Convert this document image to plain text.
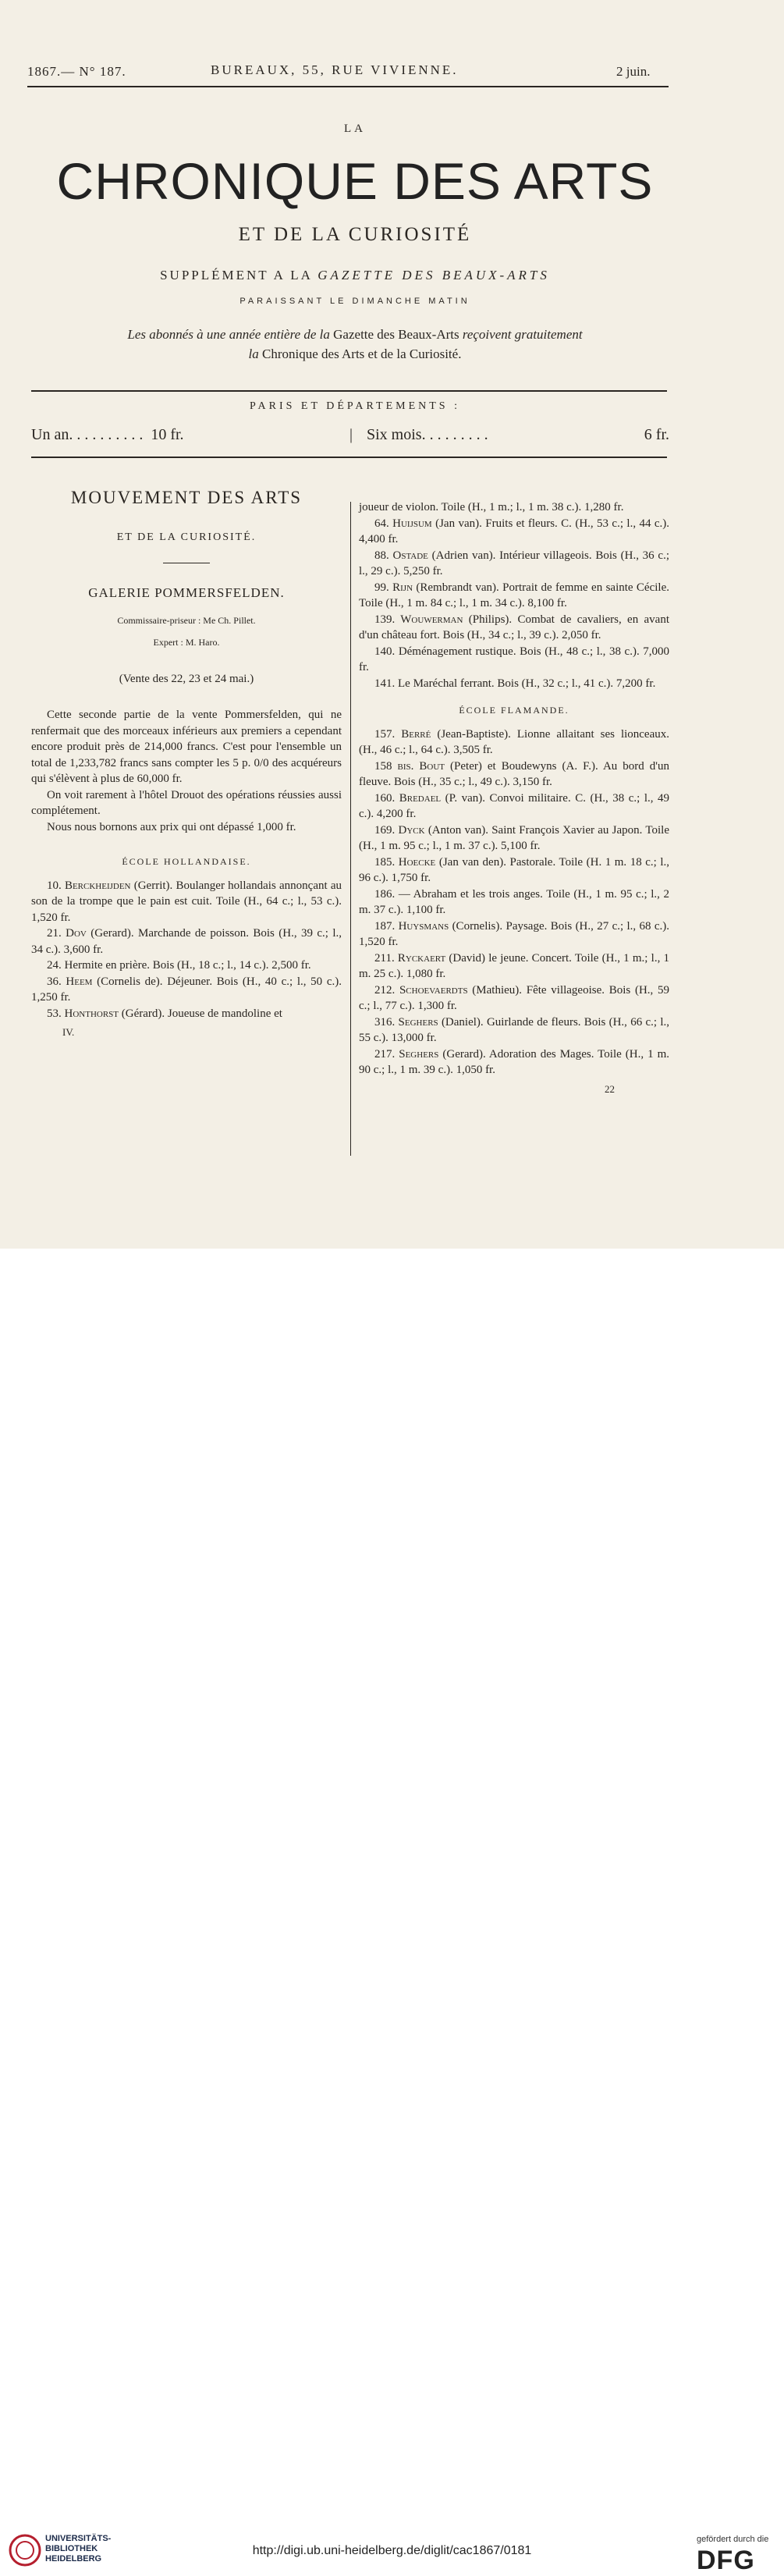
1867.— N° 187.	BUREAUX, 55, RUE VIVIENNE.	2 juin.
LA
CHRONIQUE DES ARTS
ET DE LA CURIOSITÉ
SUPPLÉMENT A LA GAZETTE DES BEAUX-ARTS
PARAISSANT LE DIMANCHE MATIN
Les abonnés à une année entière de la Gazette des Beaux-Arts reçoivent gratuitement
la Chronique des Arts et de la Curiosité.
PARIS ET DÉPARTEMENTS :
Un an. . . . . . . . . . 10 fr.	| Six mois. . . . . . . . .	6 fr.

MOUVEMENT DES ARTS

ET DE LA CURIOSITÉ.

GALERIE POMMERSFELDEN.

Commissaire-priseur : Me Ch. Pillet.

Expert : M. Haro.

(Vente des 22, 23 et 24 mai.)

Cette seconde partie de la vente Pommersfelden, qui ne renfermait que des morceaux inférieurs aux premiers a cependant encore produit près de 214,000 francs. C'est pour l'ensemble un total de 1,233,782 francs sans compter les 5 p. 0/0 des acquéreurs qui s'élèvent à plus de 60,000 fr.

On voit rarement à l'hôtel Drouot des opérations réussies aussi complétement.

Nous nous bornons aux prix qui ont dépassé 1,000 fr.

ÉCOLE HOLLANDAISE.

10. Berckheijden (Gerrit). Boulanger hollandais annonçant au son de la trompe que le pain est cuit. Toile (H., 64 c.; l., 53 c.). 1,520 fr.

21. Dov (Gerard). Marchande de poisson. Bois (H., 39 c.; l., 34 c.). 3,600 fr.

24. Hermite en prière. Bois (H., 18 c.; l., 14 c.). 2,500 fr.

36. Heem (Cornelis de). Déjeuner. Bois (H., 40 c.; l., 50 c.). 1,250 fr.

53. Honthorst (Gérard). Joueuse de mandoline et

IV.

joueur de violon. Toile (H., 1 m.; l., 1 m. 38 c.). 1,280 fr.

64. Huijsum (Jan van). Fruits et fleurs. C. (H., 53 c.; l., 44 c.). 4,400 fr.

88. Ostade (Adrien van). Intérieur villageois. Bois (H., 36 c.; l., 29 c.). 5,250 fr.

99. Rijn (Rembrandt van). Portrait de femme en sainte Cécile. Toile (H., 1 m. 84 c.; l., 1 m. 34 c.). 8,100 fr.

139. Wouwerman (Philips). Combat de cavaliers, en avant d'un château fort. Bois (H., 34 c.; l., 39 c.). 2,050 fr.

140. Déménagement rustique. Bois (H., 48 c.; l., 38 c.). 7,000 fr.

141. Le Maréchal ferrant. Bois (H., 32 c.; l., 41 c.). 7,200 fr.

ÉCOLE FLAMANDE.

157. Berré (Jean-Baptiste). Lionne allaitant ses lionceaux. (H., 46 c.; l., 64 c.). 3,505 fr.

158 bis. Bout (Peter) et Boudewyns (A. F.). Au bord d'un fleuve. Bois (H., 35 c.; l., 49 c.). 3,150 fr.

160. Bredael (P. van). Convoi militaire. C. (H., 38 c.; l., 49 c.). 4,200 fr.

169. Dyck (Anton van). Saint François Xavier au Japon. Toile (H., 1 m. 95 c.; l., 1 m. 37 c.). 5,100 fr.

185. Hoecke (Jan van den). Pastorale. Toile (H. 1 m. 18 c.; l., 96 c.). 1,750 fr.

186. — Abraham et les trois anges. Toile (H., 1 m. 95 c.; l., 2 m. 37 c.). 1,100 fr.

187. Huysmans (Cornelis). Paysage. Bois (H., 27 c.; l., 68 c.). 1,520 fr.

211. Ryckaert (David) le jeune. Concert. Toile (H., 1 m.; l., 1 m. 25 c.). 1,080 fr.

212. Schoevaerdts (Mathieu). Fête villageoise. Bois (H., 59 c.; l., 77 c.). 1,300 fr.

316. Seghers (Daniel). Guirlande de fleurs. Bois (H., 66 c.; l., 55 c.). 13,000 fr.

217. Seghers (Gerard). Adoration des Mages. Toile (H., 1 m. 90 c.; l., 1 m. 39 c.). 1,050 fr.

22

UNIVERSITÄTS-
BIBLIOTHEK
HEIDELBERG
http://digi.ub.uni-heidelberg.de/diglit/cac1867/0181
gefördert durch die
DFG
